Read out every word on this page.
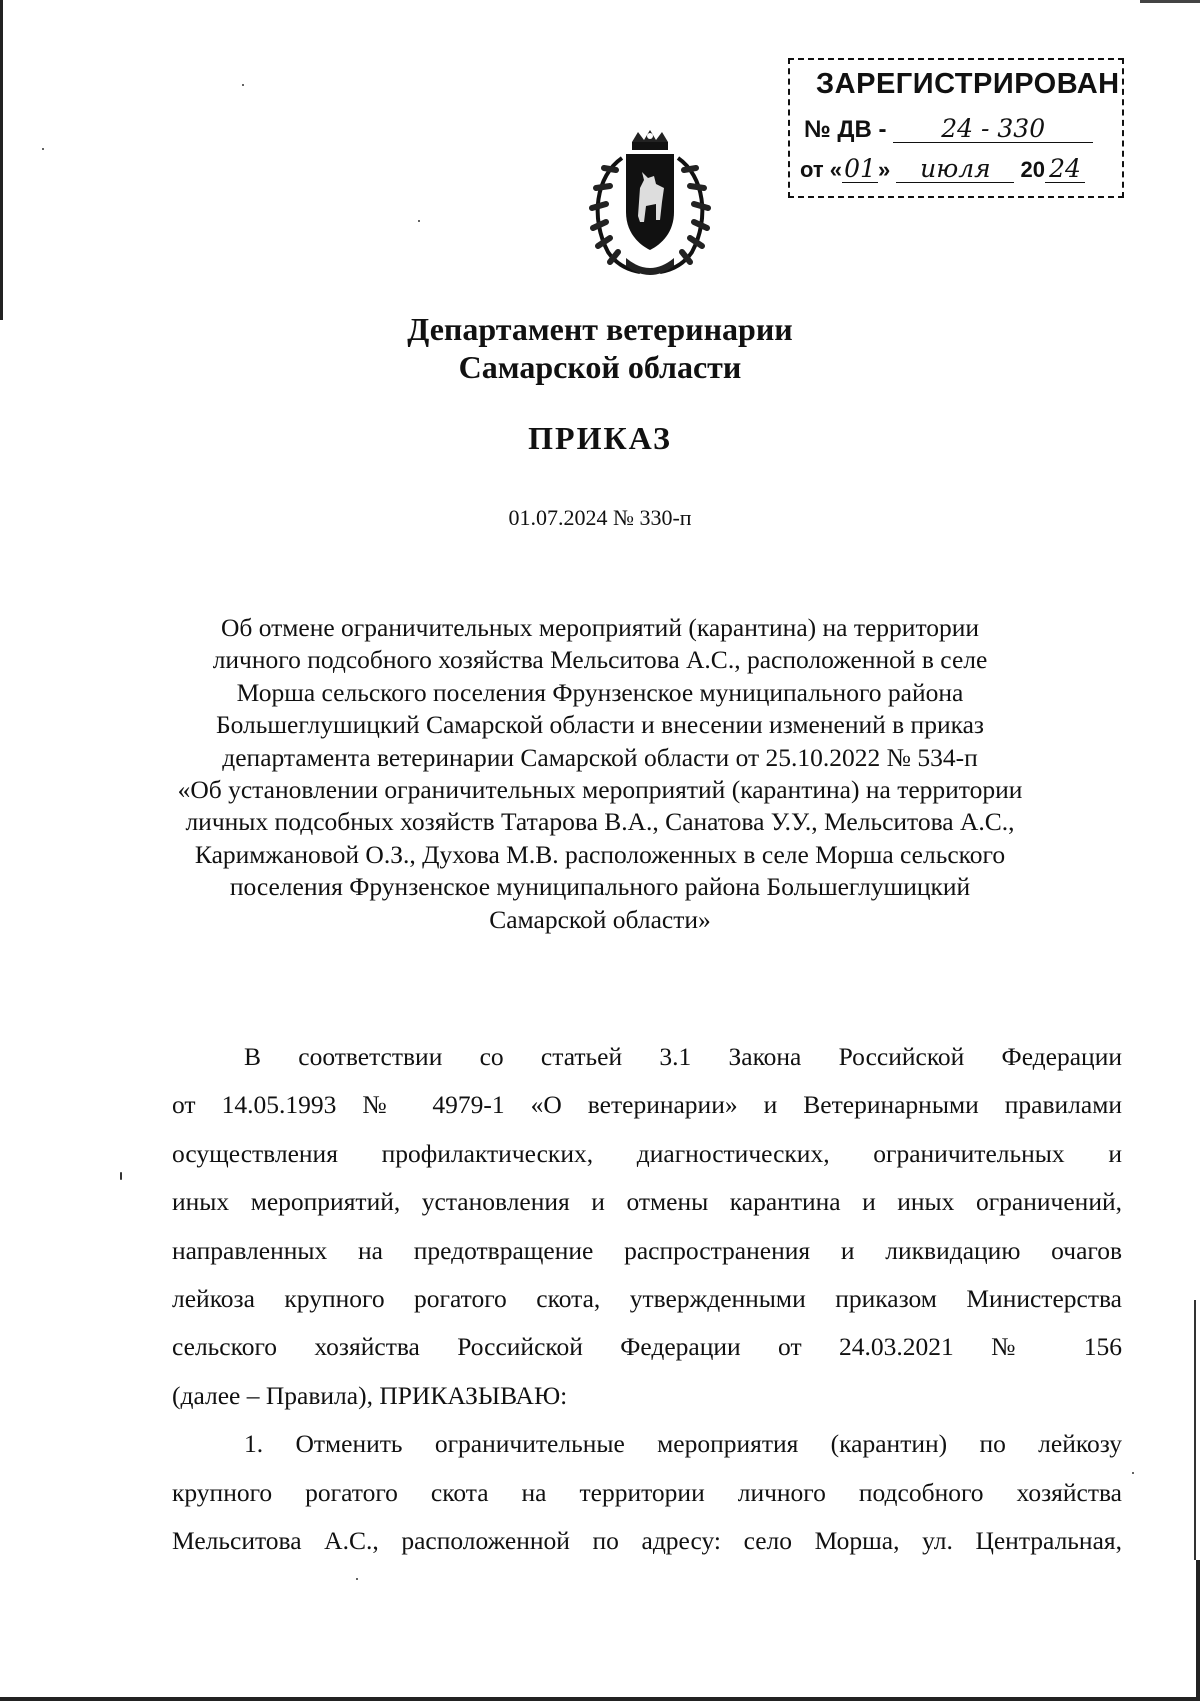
ЗАРЕГИСТРИРОВАН
№ ДВ - 24 - 330
от «01» июля 20 24
Департамент ветеринарии
Самарской области
ПРИКАЗ
01.07.2024 № 330-п
Об отмене ограничительных мероприятий (карантина) на территории
личного подсобного хозяйства Мельситова А.С., расположенной в селе
Морша сельского поселения Фрунзенское муниципального района
Большеглушицкий Самарской области и внесении изменений в приказ
департамента ветеринарии Самарской области от 25.10.2022 № 534-п
«Об установлении ограничительных мероприятий (карантина) на территории
личных подсобных хозяйств Татарова В.А., Санатова У.У., Мельситова А.С.,
Каримжановой О.З., Духова М.В. расположенных в селе Морша сельского
поселения Фрунзенское муниципального района Большеглушицкий
Самарской области»

В соответствии со статьей 3.1 Закона Российской Федерации

от 14.05.1993 № 4979-1 «О ветеринарии» и Ветеринарными правилами

осуществления профилактических, диагностических, ограничительных и

иных мероприятий, установления и отмены карантина и иных ограничений,

направленных на предотвращение распространения и ликвидацию очагов

лейкоза крупного рогатого скота, утвержденными приказом Министерства

сельского хозяйства Российской Федерации от 24.03.2021 № 156

(далее – Правила), ПРИКАЗЫВАЮ:

1. Отменить ограничительные мероприятия (карантин) по лейкозу

крупного рогатого скота на территории личного подсобного хозяйства

Мельситова А.С., расположенной по адресу: село Морша, ул. Центральная,
